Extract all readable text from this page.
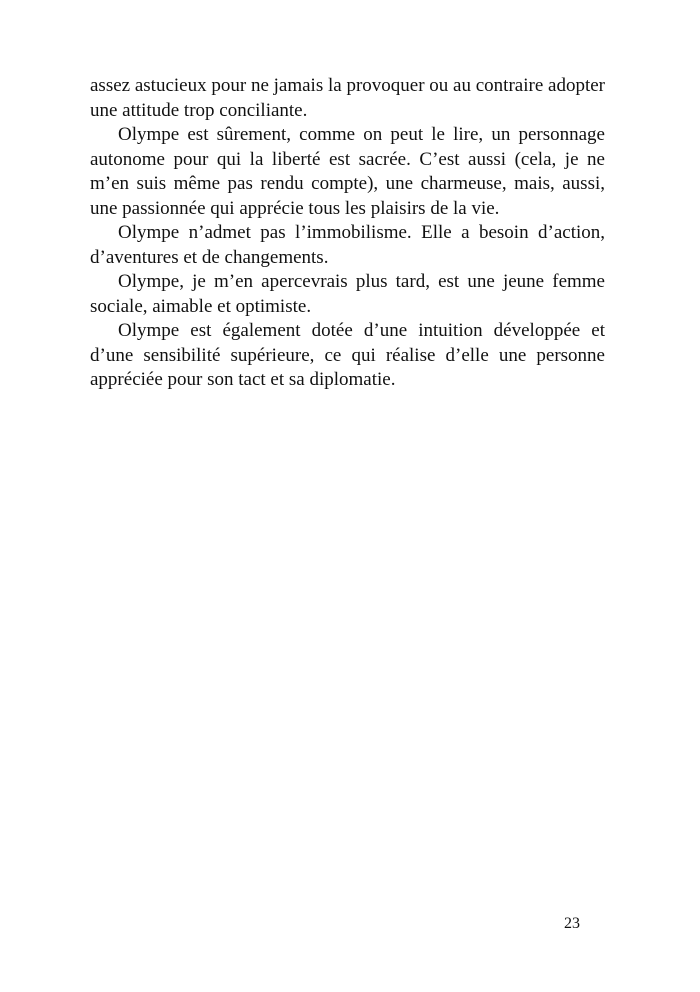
assez astucieux pour ne jamais la provoquer ou au contraire adopter une attitude trop conciliante.

Olympe est sûrement, comme on peut le lire, un personnage autonome pour qui la liberté est sacrée. C’est aussi (cela, je ne m’en suis même pas rendu compte), une charmeuse, mais, aussi, une passionnée qui apprécie tous les plaisirs de la vie.

Olympe n’admet pas l’immobilisme. Elle a besoin d’action, d’aventures et de changements.

Olympe, je m’en apercevrais plus tard, est une jeune femme sociale, aimable et optimiste.

Olympe est également dotée d’une intuition développée et d’une sensibilité supérieure, ce qui réalise d’elle une personne appréciée pour son tact et sa diplomatie.

23
